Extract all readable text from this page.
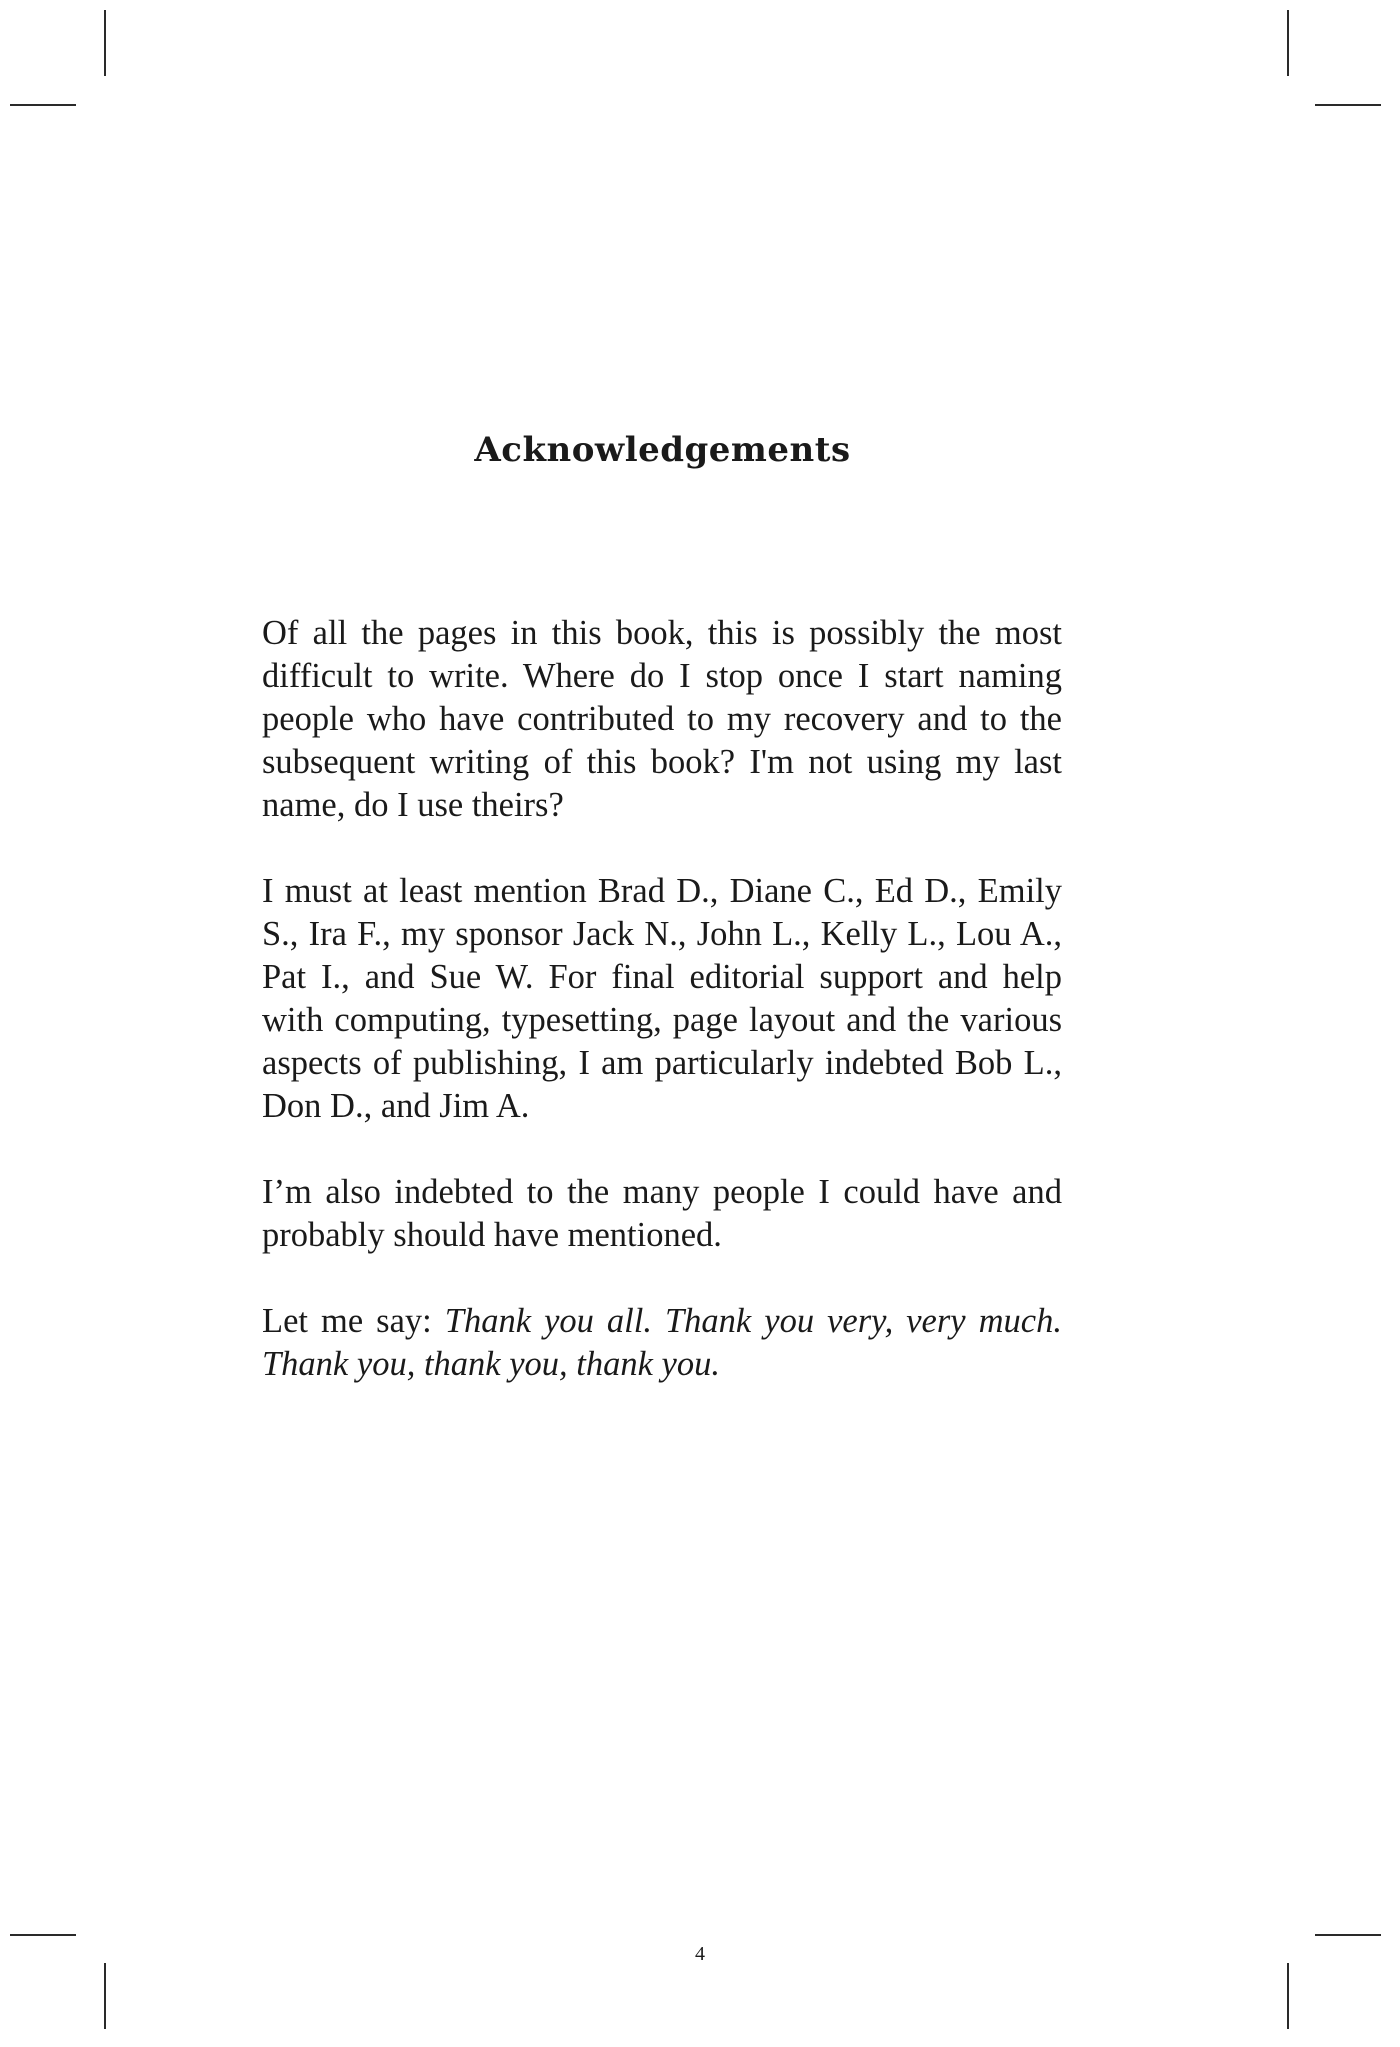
Acknowledgements

Of all the pages in this book, this is possibly the most difficult to write. Where do I stop once I start naming people who have contributed to my recovery and to the subsequent writing of this book? I'm not using my last name, do I use theirs?

I must at least mention Brad D., Diane C., Ed D., Emily S., Ira F., my sponsor Jack N., John L., Kelly L., Lou A., Pat I., and Sue W. For final editorial support and help with computing, typesetting, page layout and the various aspects of publishing, I am particularly indebted Bob L., Don D., and Jim A.

I’m also indebted to the many people I could have and probably should have mentioned.

Let me say: Thank you all. Thank you very, very much. Thank you, thank you, thank you.

4
